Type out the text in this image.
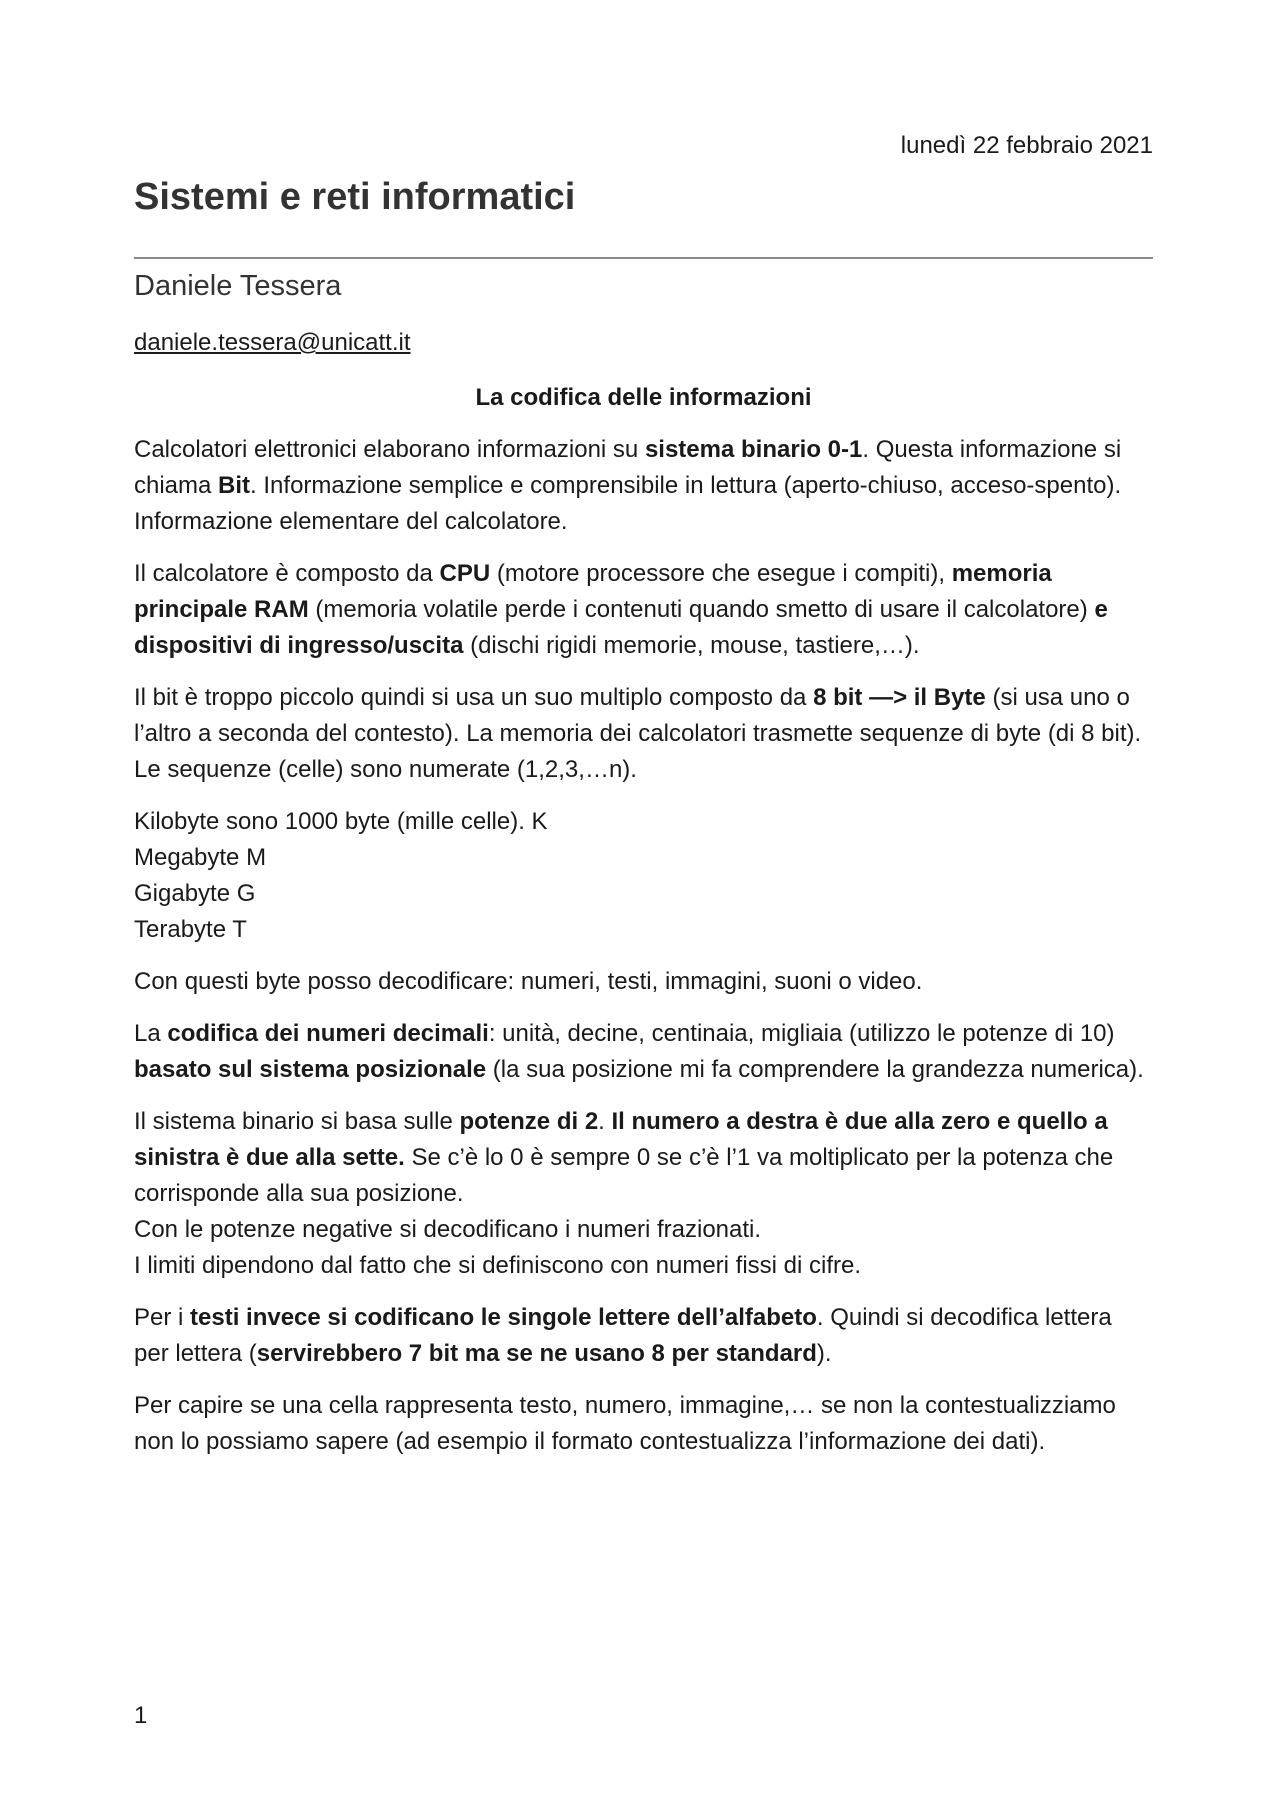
lunedì 22 febbraio 2021
Sistemi e reti informatici
Daniele Tessera
daniele.tessera@unicatt.it
La codifica delle informazioni

Calcolatori elettronici elaborano informazioni su sistema binario 0-1. Questa informazione si chiama Bit. Informazione semplice e comprensibile in lettura (aperto-chiuso, acceso-spento). Informazione elementare del calcolatore.

Il calcolatore è composto da CPU (motore processore che esegue i compiti), memoria principale RAM (memoria volatile perde i contenuti quando smetto di usare il calcolatore) e dispositivi di ingresso/uscita (dischi rigidi memorie, mouse, tastiere,…).

Il bit è troppo piccolo quindi si usa un suo multiplo composto da 8 bit —> il Byte (si usa uno o l’altro a seconda del contesto). La memoria dei calcolatori trasmette sequenze di byte (di 8 bit). Le sequenze (celle) sono numerate (1,2,3,…n).

Kilobyte sono 1000 byte (mille celle). K
Megabyte M
Gigabyte G
Terabyte T

Con questi byte posso decodificare: numeri, testi, immagini, suoni o video.

La codifica dei numeri decimali: unità, decine, centinaia, migliaia (utilizzo le potenze di 10) basato sul sistema posizionale (la sua posizione mi fa comprendere la grandezza numerica).

Il sistema binario si basa sulle potenze di 2. Il numero a destra è due alla zero e quello a sinistra è due alla sette. Se c’è lo 0 è sempre 0 se c’è l’1 va moltiplicato per la potenza che corrisponde alla sua posizione.
Con le potenze negative si decodificano i numeri frazionati.
I limiti dipendono dal fatto che si definiscono con numeri fissi di cifre.

Per i testi invece si codificano le singole lettere dell’alfabeto. Quindi si decodifica lettera per lettera (servirebbero 7 bit ma se ne usano 8 per standard).

Per capire se una cella rappresenta testo, numero, immagine,… se non la contestualizziamo non lo possiamo sapere (ad esempio il formato contestualizza l’informazione dei dati).

1
